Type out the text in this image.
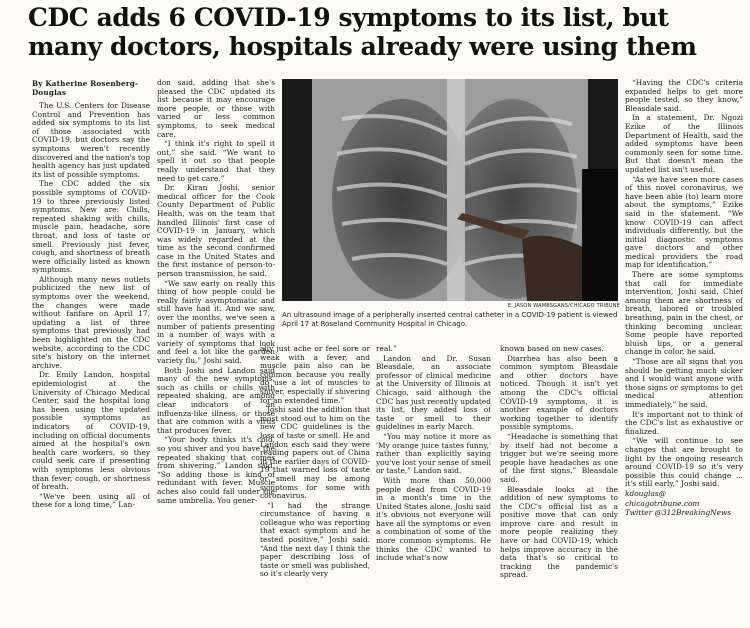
CDC adds 6 COVID-19 symptoms to its list, but many doctors, hospitals already were using them
By Katherine Rosenberg-Douglas

The U.S. Centers for Disease Control and Prevention has added six symptoms to its list of those associated with COVID-19, but doctors say the symptoms weren't recently discovered and the nation's top health agency has just updated its list of possible symptoms.

The CDC added the six possible symptoms of COVID-19 to three previously listed symptoms. New are: Chills, repeated shaking with chills, muscle pain, headache, sore throat, and loss of taste or smell. Previously just fever, cough, and shortness of breath were officially listed as known symptoms.

Although many news outlets publicized the new list of symptoms over the weekend, the changes were made without fanfare on April 17, updating a list of three symptoms that previously had been highlighted on the CDC website, according to the CDC site's history on the internet archive.

Dr. Emily Landon, hospital epidemiologist at the University of Chicago Medical Center, said the hospital long has been using the updated possible symptoms as indicators of COVID-19, including on official documents aimed at the hospital's own health care workers, so they could seek care if presenting with symptoms less obvious than fever, cough, or shortness of breath.

“We've been using all of these for a long time,” Lan-

don said, adding that she's pleased the CDC updated its list because it may encourage more people, or those with varied or less common symptoms, to seek medical care.

“I think it's right to spell it out,” she said. “We want to spell it out so that people really understand that they need to get care.”

Dr. Kiran Joshi, senior medical officer for the Cook County Department of Public Health, was on the team that handled Illinois' first case of COVID-19 in January, which was widely regarded at the time as the second confirmed case in the United States and the first instance of person-to-person transmission, he said.

“We saw early on really this thing of how people could be really fairly asymptomatic and still have had it. And we saw, over the months, we've seen a number of patients presenting in a number of ways with a variety of symptoms that look and feel a lot like the garden variety flu,” Joshi said.

Both Joshi and Landon said many of the new symptoms, such as chills or chills with repeated shaking, are among clear indicators of an influenza-like illness, or those that are common with a virus that produces fever.

“Your body thinks it's cold, so you shiver and you have the repeated shaking that comes from shivering,” Landon said. “So adding those is kind of redundant with fever. Muscle aches also could fall under the same umbrella. You gener-

E. JASON WAMBSGANS/CHICAGO TRIBUNE
An ultrasound image of a peripherally inserted central catheter in a COVID-19 patient is viewed April 17 at Roseland Community Hospital in Chicago.

ally just ache or feel sore or weak with a fever, and muscle pain also can be common because you really do use a lot of muscles to shiver, especially if shivering for an extended time.”

Joshi said the addition that most stood out to him on the new CDC guidelines is the loss of taste or smell. He and Landon each said they were reading papers out of China in the earlier days of COVID-19 that warned loss of taste or smell may be among symptoms for some with coronavirus.

“I had the strange circumstance of having a colleague who was reporting that exact symptom and he tested positive,” Joshi said. “And the next day I think the paper describing loss of taste or smell was published, so it's clearly very

real.”

Landon and Dr. Susan Bleasdale, an associate professor of clinical medicine at the University of Illinois at Chicago, said although the CDC has just recently updated its list, they added loss of taste or smell to their guidelines in early March.

“You may notice it more as 'My orange juice tastes funny,' rather than explicitly saying you've lost your sense of smell or taste,” Landon said.

With more than 50,000 people dead from COVID-19 in a month's time in the United States alone, Joshi said it's obvious not everyone will have all the symptoms or even a combination of some of the more common symptoms. He thinks the CDC wanted to include what's now

known based on new cases.

Diarrhea has also been a common symptom Bleasdale and other doctors have noticed. Though it isn't yet among the CDC's official COVID-19 symptoms, it is another example of doctors working together to identify possible symptoms.

“Headache is something that by itself had not become a trigger but we're seeing more people have headaches as one of the first signs,” Bleasdale said.

Bleasdale looks at the addition of new symptoms to the CDC's official list as a positive move that can only improve care and result in more people realizing they have or had COVID-19, which helps improve accuracy in the data that's so critical to tracking the pandemic's spread.

“Having the CDC's criteria expanded helps to get more people tested, so they know,” Bleasdale said.

In a statement, Dr. Ngozi Ezike of the Illinois Department of Health, said the added symptoms have been commonly seen for some time. But that doesn't mean the updated list isn't useful.

“As we have seen more cases of this novel coronavirus, we have been able (to) learn more about the symptoms,” Ezike said in the statement. “We know COVID-19 can affect individuals differently, but the initial diagnostic symptoms gave doctors and other medical providers the road map for identification.”

There are some symptoms that call for immediate intervention, Joshi said. Chief among them are shortness of breath, labored or troubled breathing, pain in the chest, or thinking becoming unclear. Some people have reported bluish lips, or a general change in color, he said.

“Those are all signs that you should be getting much sicker and I would want anyone with those signs or symptoms to get medical attention immediately,” he said.

It's important not to think of the CDC's list as exhaustive or finalized.

“We will continue to see changes that are brought to light by the ongoing research around COVID-19 so it's very possible this could change ... it's still early,” Joshi said.

kdouglas@

chicagotribune.com

Twitter @312BreakingNews
